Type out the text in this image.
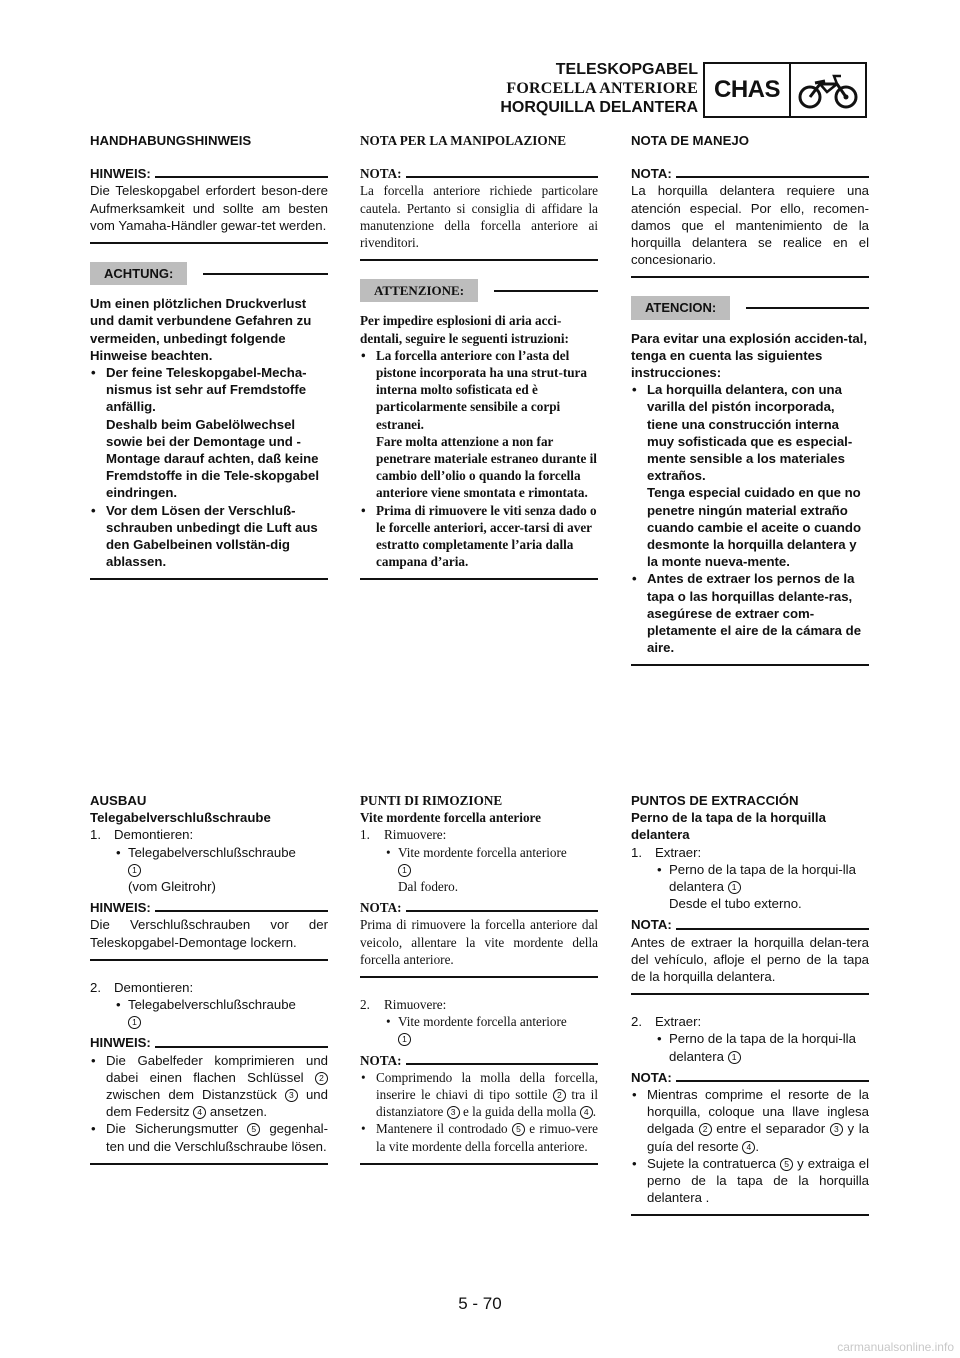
TELESKOPGABEL
FORCELLA ANTERIORE
HORQUILLA DELANTERA
CHAS
HANDHABUNGSHINWEIS
HINWEIS:

Die Teleskopgabel erfordert beson-dere Aufmerksamkeit und sollte am besten vom Yamaha-Händler gewar-tet werden.

ACHTUNG:

Um einen plötzlichen Druckverlust und damit verbundene Gefahren zu vermeiden, unbedingt folgende Hinweise beachten.

• Der feine Teleskopgabel-Mecha-nismus ist sehr auf Fremdstoffe anfällig.
Deshalb beim Gabelölwechsel sowie bei der Demontage und -Montage darauf achten, daß keine Fremdstoffe in die Tele-skopgabel eindringen.
• Vor dem Lösen der Verschluß-schrauben unbedingt die Luft aus den Gabelbeinen vollstän-dig ablassen.
NOTA PER LA MANIPOLAZIONE
NOTA:

La forcella anteriore richiede particolare cautela. Pertanto si consiglia di affidare la manutenzione della forcella anteriore ai rivenditori.

ATTENZIONE:

Per impedire esplosioni di aria acci-dentali, seguire le seguenti istruzioni:

• La forcella anteriore con l’asta del pistone incorporata ha una strut-tura interna molto sofisticata ed è particolarmente sensibile a corpi estranei.
Fare molta attenzione a non far penetrare materiale estraneo durante il cambio dell’olio o quando la forcella anteriore viene smontata e rimontata.
• Prima di rimuovere le viti senza dado o le forcelle anteriori, accer-tarsi di aver estratto completamente l’aria dalla campana d’aria.
NOTA DE MANEJO
NOTA:

La horquilla delantera requiere una atención especial. Por ello, recomen-damos que el mantenimiento de la horquilla delantera se realice en el concesionario.

ATENCION:

Para evitar una explosión acciden-tal, tenga en cuenta las siguientes instrucciones:

• La horquilla delantera, con una varilla del pistón incorporada, tiene una construcción interna muy sofisticada que es especial-mente sensible a los materiales extraños.
Tenga especial cuidado en que no penetre ningún material extraño cuando cambie el aceite o cuando desmonte la horquilla delantera y la monte nueva-mente.
• Antes de extraer los pernos de la tapa o las horquillas delante-ras, asegúrese de extraer com-pletamente el aire de la cámara de aire.

AUSBAU

Telegabelverschlußschraube

1. Demontieren:
• Telegabelverschlußschraube
1
(vom Gleitrohr)
HINWEIS:

Die Verschlußschrauben vor der Teleskopgabel-Demontage lockern.

2. Demontieren:
• Telegabelverschlußschraube
1
HINWEIS:
• Die Gabelfeder komprimieren und dabei einen flachen Schlüssel 2 zwischen dem Distanzstück 3 und dem Federsitz 4 ansetzen.
• Die Sicherungsmutter 5 gegenhal-ten und die Verschlußschraube lösen.

PUNTI DI RIMOZIONE

Vite mordente forcella anteriore

1. Rimuovere:
• Vite mordente forcella anteriore
1
Dal fodero.
NOTA:

Prima di rimuovere la forcella anteriore dal veicolo, allentare la vite mordente della forcella anteriore.

2. Rimuovere:
• Vite mordente forcella anteriore
1
NOTA:
• Comprimendo la molla della forcella, inserire le chiavi di tipo sottile 2 tra il distanziatore 3 e la guida della molla 4 .
• Mantenere il controdado 5 e rimuo-vere la vite mordente della forcella anteriore.

PUNTOS DE EXTRACCIÓN

Perno de la tapa de la horquilla delantera

1. Extraer:
• Perno de la tapa de la horqui-lla delantera 1
Desde el tubo externo.
NOTA:

Antes de extraer la horquilla delan-tera del vehículo, afloje el perno de la tapa de la horquilla delantera.

2. Extraer:
• Perno de la tapa de la horqui-lla delantera 1
NOTA:
• Mientras comprime el resorte de la horquilla, coloque una llave inglesa delgada 2 entre el separador 3 y la guía del resorte 4 .
• Sujete la contratuerca 5 y extraiga el perno de la tapa de la horquilla delantera .
5 - 70
carmanualsonline.info
